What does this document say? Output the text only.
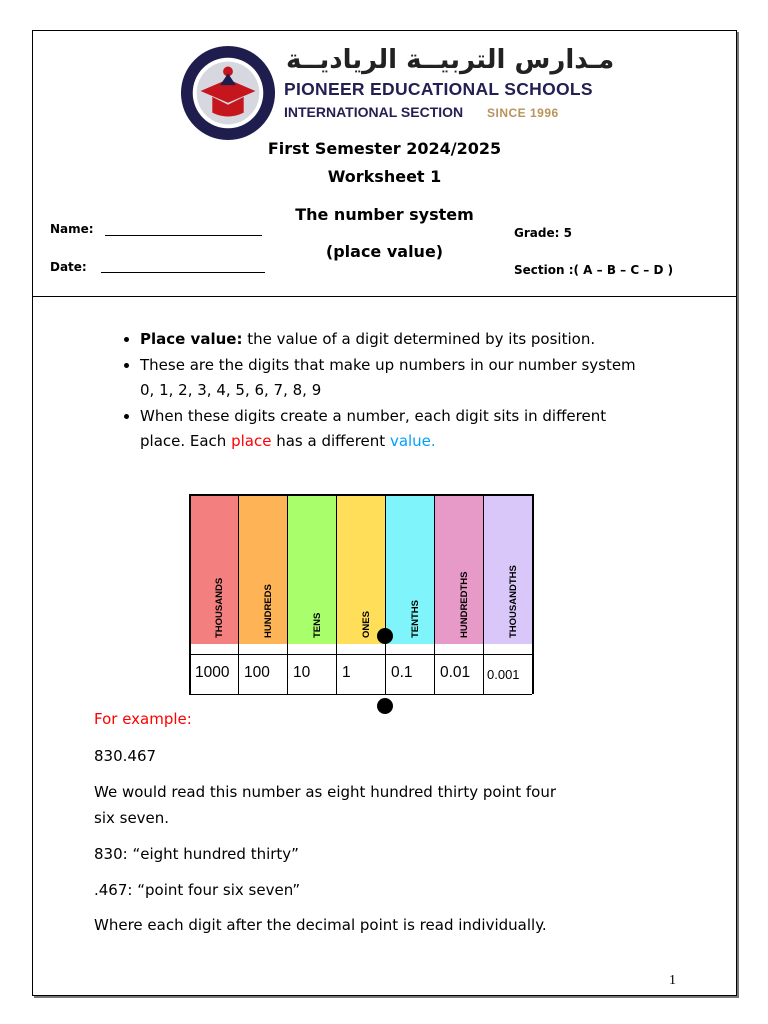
مـدارس التربيــة الرياديــة
PIONEER EDUCATIONAL SCHOOLS
INTERNATIONAL SECTION SINCE 1996
First Semester 2024/2025
Worksheet 1
The number system
(place value)
Name:
Date:
Grade: 5
Section :( A – B – C – D )
• Place value: the value of a digit determined by its position.
• These are the digits that make up numbers in our number system 0, 1, 2, 3, 4, 5, 6, 7, 8, 9
• When these digits create a number, each digit sits in different place. Each place has a different value.
THOUSANDS
1000
HUNDREDS
100
TENS
10
ONES
1
TENTHS
0.1
HUNDREDTHS
0.01
THOUSANDTHS
0.001
For example:
830.467
We would read this number as eight hundred thirty point four
six seven.
830: “eight hundred thirty”
.467: “point four six seven”
Where each digit after the decimal point is read individually.
1
